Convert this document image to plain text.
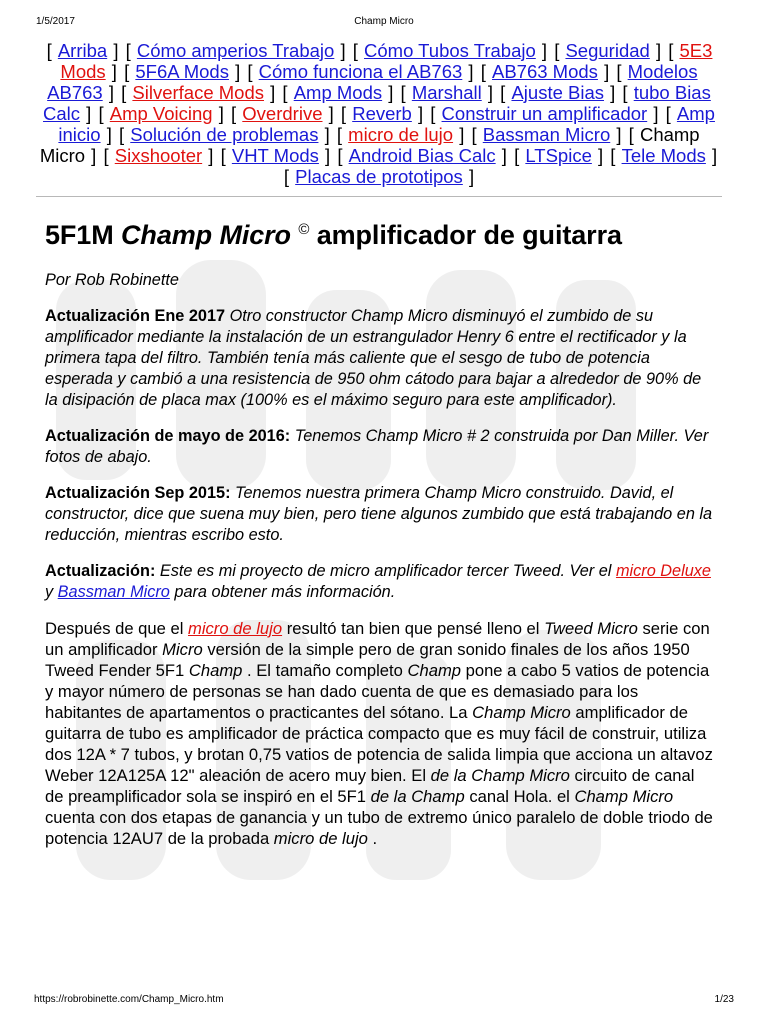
1/5/2017	Champ Micro
[ Arriba ] [ Cómo amperios Trabajo ] [ Cómo Tubos Trabajo ] [ Seguridad ] [ 5E3 Mods ] [ 5F6A Mods ] [ Cómo funciona el AB763 ] [ AB763 Mods ] [ Modelos AB763 ] [ Silverface Mods ] [ Amp Mods ] [ Marshall ] [ Ajuste Bias ] [ tubo Bias Calc ] [ Amp Voicing ] [ Overdrive ] [ Reverb ] [ Construir un amplificador ] [ Amp inicio ] [ Solución de problemas ] [ micro de lujo ] [ Bassman Micro ] [ Champ Micro ] [ Sixshooter ] [ VHT Mods ] [ Android Bias Calc ] [ LTSpice ] [ Tele Mods ] [ Placas de prototipos ]
5F1M Champ Micro © amplificador de guitarra

Por Rob Robinette

Actualización Ene 2017 Otro constructor Champ Micro disminuyó el zumbido de su amplificador mediante la instalación de un estrangulador Henry 6 entre el rectificador y la primera tapa del filtro. También tenía más caliente que el sesgo de tubo de potencia esperada y cambió a una resistencia de 950 ohm cátodo para bajar a alrededor de 90% de la disipación de placa max (100% es el máximo seguro para este amplificador).

Actualización de mayo de 2016: Tenemos Champ Micro # 2 construida por Dan Miller. Ver fotos de abajo.

Actualización Sep 2015: Tenemos nuestra primera Champ Micro construido. David, el constructor, dice que suena muy bien, pero tiene algunos zumbido que está trabajando en la reducción, mientras escribo esto.

Actualización: Este es mi proyecto de micro amplificador tercer Tweed. Ver el micro Deluxe y Bassman Micro para obtener más información.

Después de que el micro de lujo resultó tan bien que pensé lleno el Tweed Micro serie con un amplificador Micro versión de la simple pero de gran sonido finales de los años 1950 Tweed Fender 5F1 Champ . El tamaño completo Champ pone a cabo 5 vatios de potencia y mayor número de personas se han dado cuenta de que es demasiado para los habitantes de apartamentos o practicantes del sótano. La Champ Micro amplificador de guitarra de tubo es amplificador de práctica compacto que es muy fácil de construir, utiliza dos 12A * 7 tubos, y brotan 0,75 vatios de potencia de salida limpia que acciona un altavoz Weber 12A125A 12" aleación de acero muy bien. El de la Champ Micro circuito de canal de preamplificador sola se inspiró en el 5F1 de la Champ canal Hola. el Champ Micro cuenta con dos etapas de ganancia y un tubo de extremo único paralelo de doble triodo de potencia 12AU7 de la probada micro de lujo .

https://robrobinette.com/Champ_Micro.htm	1/23
